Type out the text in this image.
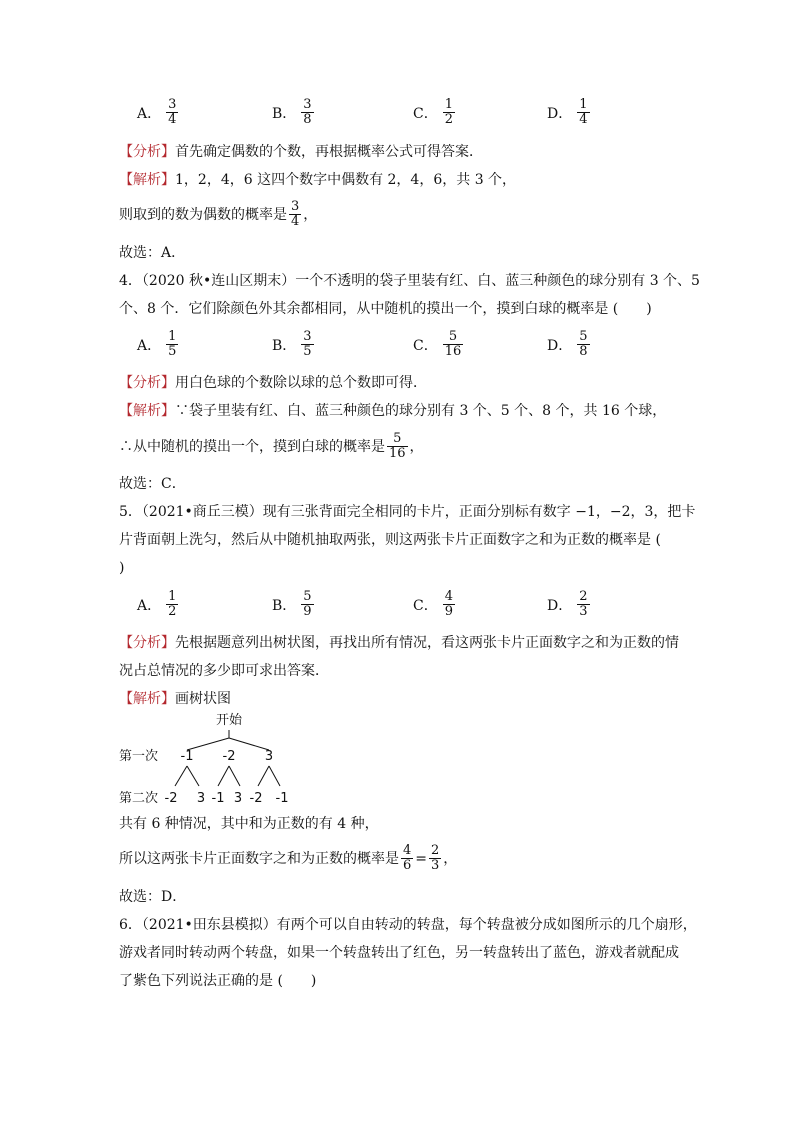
A． $\frac{3}{4}$	B． $\frac{3}{8}$	C． $\frac{1}{2}$	D． $\frac{1}{4}$
【分析】首先确定偶数的个数，再根据概率公式可得答案．
【解析】1，2，4，6 这四个数字中偶数有 2，4，6，共 3 个，
则取到的数为偶数的概率是 $\frac{3}{4}$ ，
故选：A．
4．（2020 秋•连山区期末）一个不透明的袋子里装有红、白、蓝三种颜色的球分别有 3 个、5
个、8 个．它们除颜色外其余都相同，从中随机的摸出一个，摸到白球的概率是 (　　)
A． $\frac{1}{5}$	B． $\frac{3}{5}$	C． $\frac{5}{16}$	D． $\frac{5}{8}$
【分析】用白色球的个数除以球的总个数即可得．
【解析】∵袋子里装有红、白、蓝三种颜色的球分别有 3 个、5 个、8 个，共 16 个球，
∴从中随机的摸出一个，摸到白球的概率是 $\frac{5}{16}$ ，
故选：C．
5．（2021•商丘三模）现有三张背面完全相同的卡片，正面分别标有数字 −1，−2，3，把卡
片背面朝上洗匀，然后从中随机抽取两张，则这两张卡片正面数字之和为正数的概率是 (
)
A． $\frac{1}{2}$	B． $\frac{5}{9}$	C． $\frac{4}{9}$	D． $\frac{2}{3}$
【分析】先根据题意列出树状图，再找出所有情况，看这两张卡片正面数字之和为正数的情
况占总情况的多少即可求出答案．
【解析】画树状图
开始
第一次 -1 -2 3
第二次 -2 3 -1 3 -2 -1
共有 6 种情况，其中和为正数的有 4 种，
所以这两张卡片正面数字之和为正数的概率是 $\frac{4}{6} = \frac{2}{3}$ ，
故选：D．
6．（2021•田东县模拟）有两个可以自由转动的转盘，每个转盘被分成如图所示的几个扇形，
游戏者同时转动两个转盘，如果一个转盘转出了红色，另一转盘转出了蓝色，游戏者就配成
了紫色下列说法正确的是 (　　)
